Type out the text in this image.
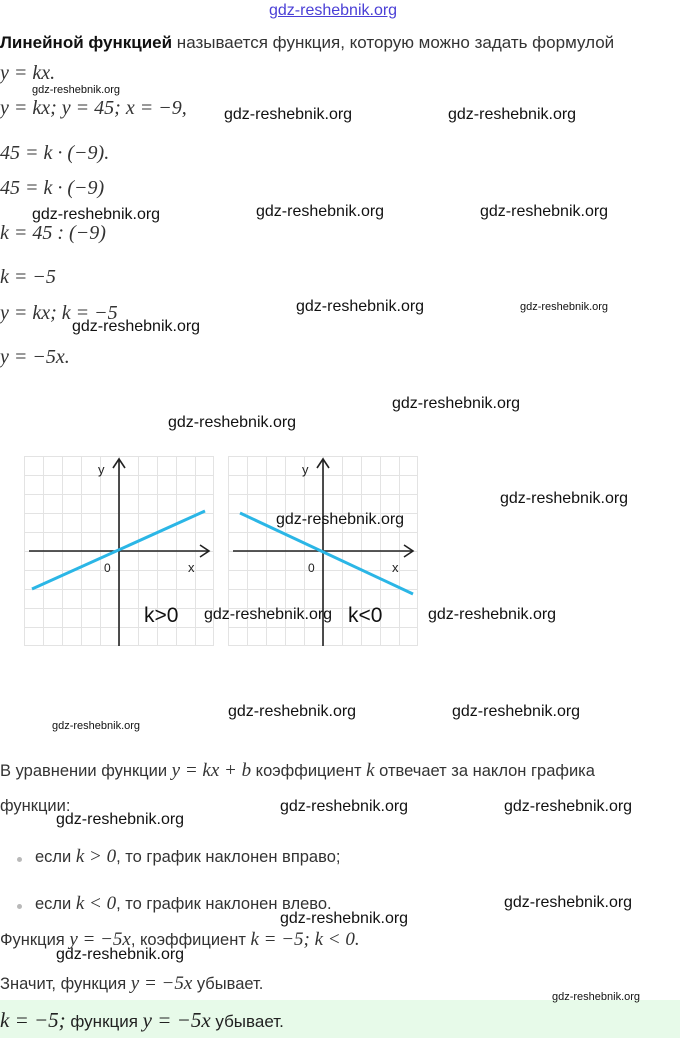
gdz-reshebnik.org
Линейной функцией называется функция, которую можно задать формулой
y = kx.
y = kx; y = 45; x = −9,
45 = k · (−9).
45 = k · (−9)
k = 45 : (−9)
k = −5
y = kx; k = −5
y = −5x.
y
x
0
k>0
y
x
0
k<0
В уравнении функции y = kx + b коэффициент k отвечает за наклон графика
функции:
если k > 0, то график наклонен вправо;
если k < 0, то график наклонен влево.
Функция y = −5x, коэффициент k = −5; k < 0.
Значит, функция y = −5x убывает.
k = −5; функция y = −5x убывает.
gdz-reshebnik.org
gdz-reshebnik.org	gdz-reshebnik.org
gdz-reshebnik.org	gdz-reshebnik.org	gdz-reshebnik.org
gdz-reshebnik.org	gdz-reshebnik.org
gdz-reshebnik.org
gdz-reshebnik.org
gdz-reshebnik.org
gdz-reshebnik.org
gdz-reshebnik.org
gdz-reshebnik.org	gdz-reshebnik.org
gdz-reshebnik.org
gdz-reshebnik.org	gdz-reshebnik.org
gdz-reshebnik.org	gdz-reshebnik.org
gdz-reshebnik.org
gdz-reshebnik.org
gdz-reshebnik.org
gdz-reshebnik.org
gdz-reshebnik.org
